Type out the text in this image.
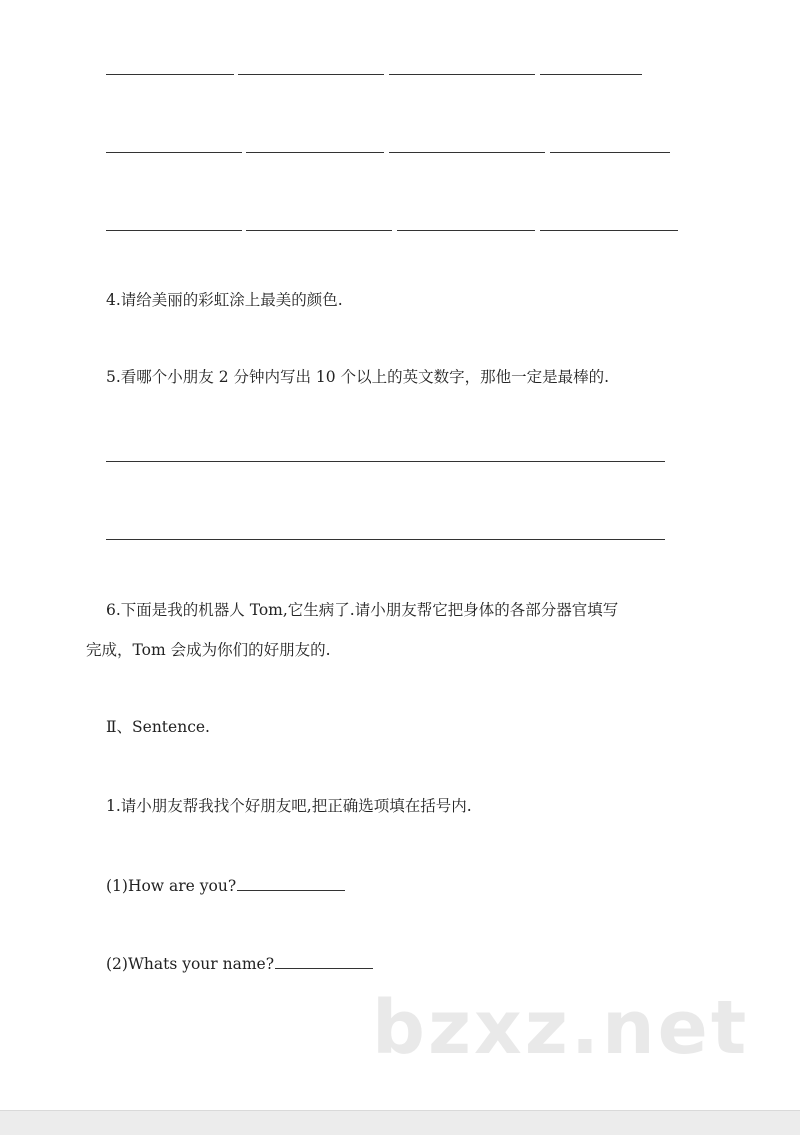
4.请给美丽的彩虹涂上最美的颜色.
5.看哪个小朋友 2 分钟内写出 10 个以上的英文数字，那他一定是最棒的.
6.下面是我的机器人 Tom,它生病了.请小朋友帮它把身体的各部分器官填写
完成，Tom 会成为你们的好朋友的.
Ⅱ、Sentence.
1.请小朋友帮我找个好朋友吧,把正确选项填在括号内.
(1)How are you?
(2)Whats your name?
bzxz.net
